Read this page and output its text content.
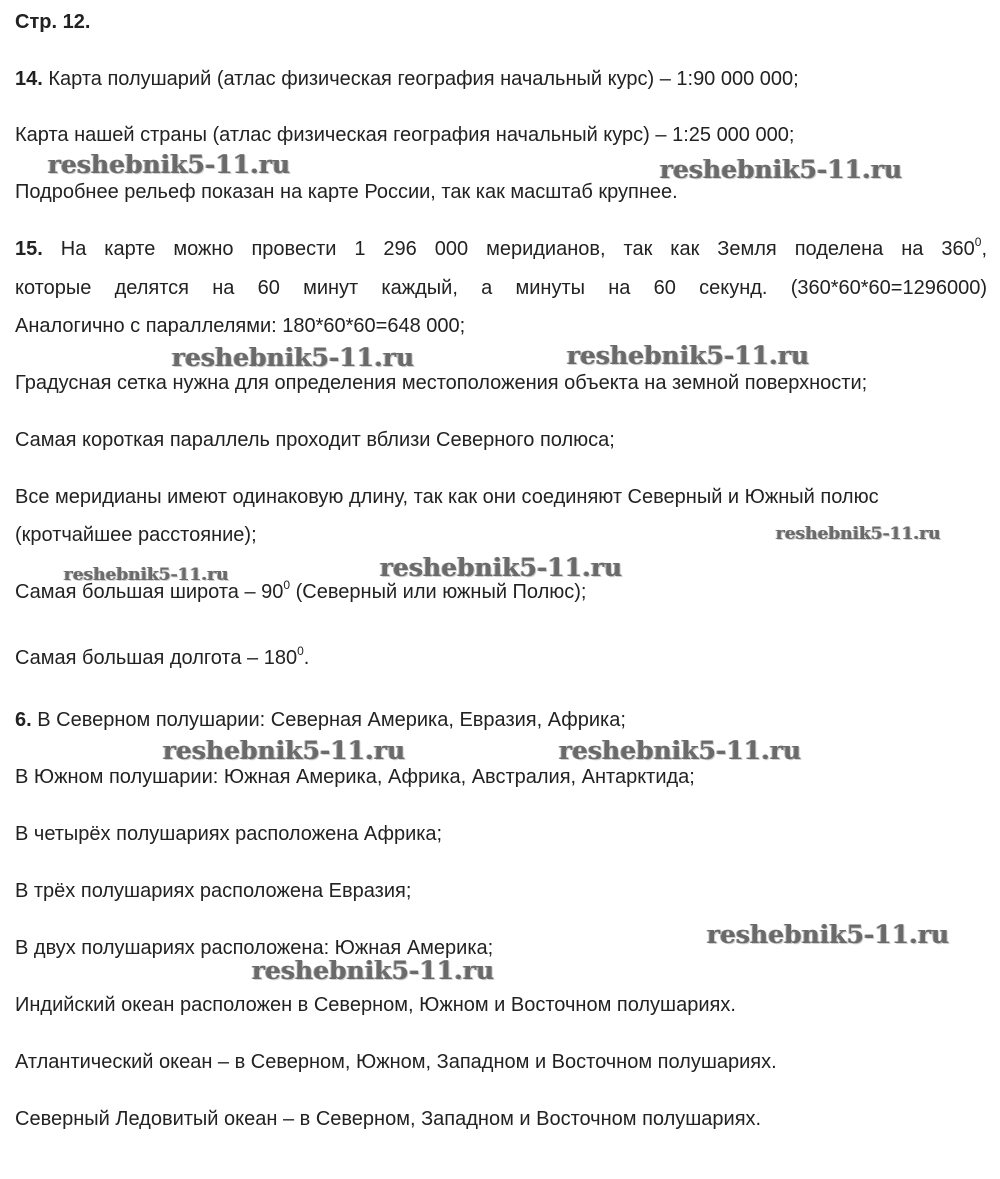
Стр. 12.
14. Карта полушарий (атлас физическая география начальный курс) – 1:90 000 000;
Карта нашей страны (атлас физическая география начальный курс) – 1:25 000 000;
Подробнее рельеф показан на карте России, так как масштаб крупнее.
15. На карте можно провести 1 296 000 меридианов, так как Земля поделена на $360^0$,
которые делятся на 60 минут каждый, а минуты на 60 секунд. (360*60*60=1296000)
Аналогично с параллелями: 180*60*60=648 000;
Градусная сетка нужна для определения местоположения объекта на земной поверхности;
Самая короткая параллель проходит вблизи Северного полюса;
Все меридианы имеют одинаковую длину, так как они соединяют Северный и Южный полюс
(кротчайшее расстояние);
Самая большая широта – $90^0$ (Северный или южный Полюс);
Самая большая долгота – $180^0$.
6. В Северном полушарии: Северная Америка, Евразия, Африка;
В Южном полушарии: Южная Америка, Африка, Австралия, Антарктида;
В четырёх полушариях расположена Африка;
В трёх полушариях расположена Евразия;
В двух полушариях расположена: Южная Америка;
Индийский океан расположен в Северном, Южном и Восточном полушариях.
Атлантический океан – в Северном, Южном, Западном и Восточном полушариях.
Северный Ледовитый океан – в Северном, Западном и Восточном полушариях.
reshebnik5-11.ru	reshebnik5-11.ru
reshebnik5-11.ru	reshebnik5-11.ru
reshebnik5-11.ru
reshebnik5-11.ru
reshebnik5-11.ru
reshebnik5-11.ru	reshebnik5-11.ru
reshebnik5-11.ru
reshebnik5-11.ru
